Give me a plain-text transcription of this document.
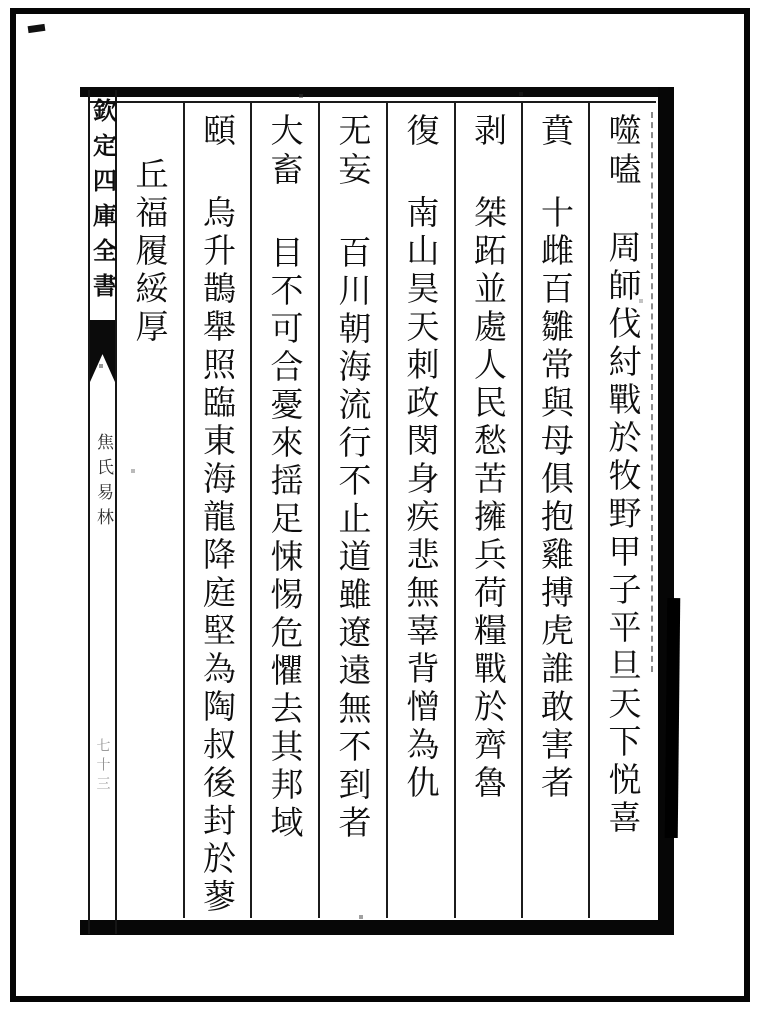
欽定四庫全書
焦氏易林
七十三
噬嗑
周師伐紂戰於牧野甲子平旦天下悦喜
賁
十雌百雛常與母俱抱雞搏虎誰敢害者
剥
桀跖並處人民愁苦擁兵荷糧戰於齊魯
復
南山昊天刺政閔身疾悲無辜背憎為仇
无妄
百川朝海流行不止道雖遼遠無不到者
大畜
目不可合憂來揺足悚惕危懼去其邦域
頤
烏升鵲舉照臨東海龍降庭堅為陶叔後封於蓼
丘福履綏厚
